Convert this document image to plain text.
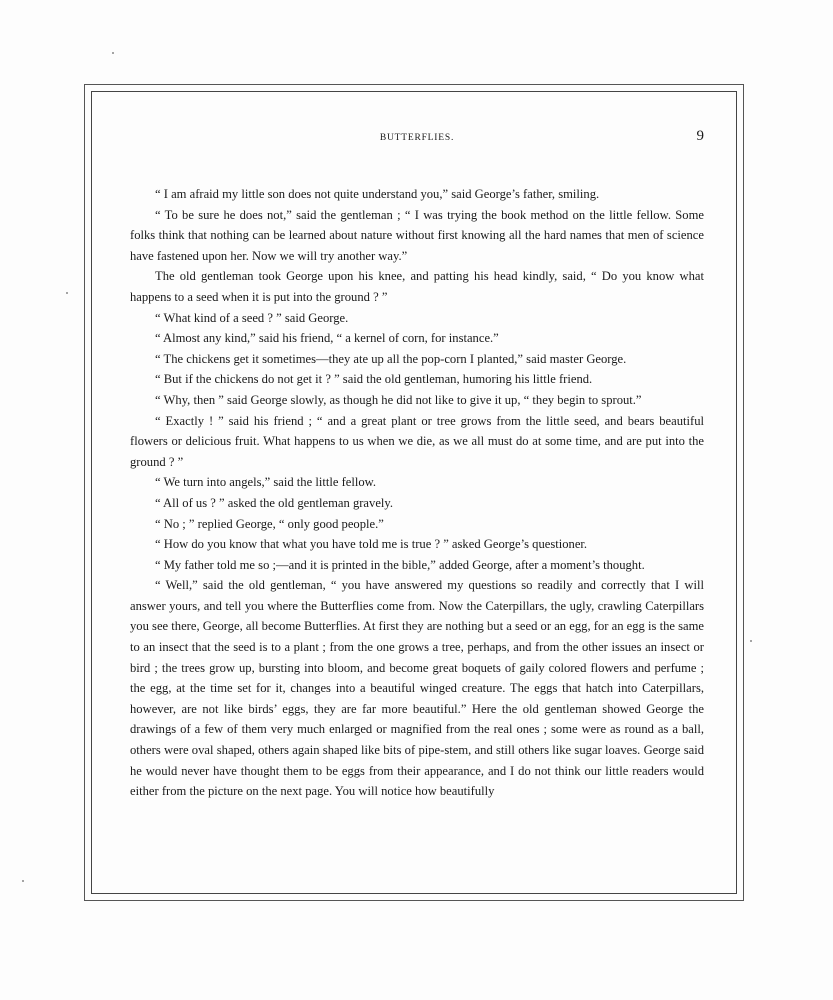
BUTTERFLIES.	9

“ I am afraid my little son does not quite understand you,” said George’s father, smiling.

“ To be sure he does not,” said the gentleman ; “ I was trying the book method on the little fellow. Some folks think that nothing can be learned about nature without first knowing all the hard names that men of science have fastened upon her. Now we will try another way.”

The old gentleman took George upon his knee, and patting his head kindly, said, “ Do you know what happens to a seed when it is put into the ground ? ”

“ What kind of a seed ? ” said George.

“ Almost any kind,” said his friend, “ a kernel of corn, for instance.”

“ The chickens get it sometimes—they ate up all the pop-corn I planted,” said master George.

“ But if the chickens do not get it ? ” said the old gentleman, humoring his little friend.

“ Why, then ” said George slowly, as though he did not like to give it up, “ they begin to sprout.”

“ Exactly ! ” said his friend ; “ and a great plant or tree grows from the little seed, and bears beautiful flowers or delicious fruit. What happens to us when we die, as we all must do at some time, and are put into the ground ? ”

“ We turn into angels,” said the little fellow.

“ All of us ? ” asked the old gentleman gravely.

“ No ; ” replied George, “ only good people.”

“ How do you know that what you have told me is true ? ” asked George’s questioner.

“ My father told me so ;—and it is printed in the bible,” added George, after a moment’s thought.

“ Well,” said the old gentleman, “ you have answered my questions so readily and correctly that I will answer yours, and tell you where the Butterflies come from. Now the Caterpillars, the ugly, crawling Caterpillars you see there, George, all become Butterflies. At first they are nothing but a seed or an egg, for an egg is the same to an insect that the seed is to a plant ; from the one grows a tree, perhaps, and from the other issues an insect or bird ; the trees grow up, bursting into bloom, and become great boquets of gaily colored flowers and perfume ; the egg, at the time set for it, changes into a beautiful winged creature. The eggs that hatch into Caterpillars, however, are not like birds’ eggs, they are far more beautiful.” Here the old gentleman showed George the drawings of a few of them very much enlarged or magnified from the real ones ; some were as round as a ball, others were oval shaped, others again shaped like bits of pipe-stem, and still others like sugar loaves. George said he would never have thought them to be eggs from their appearance, and I do not think our little readers would either from the picture on the next page. You will notice how beautifully
